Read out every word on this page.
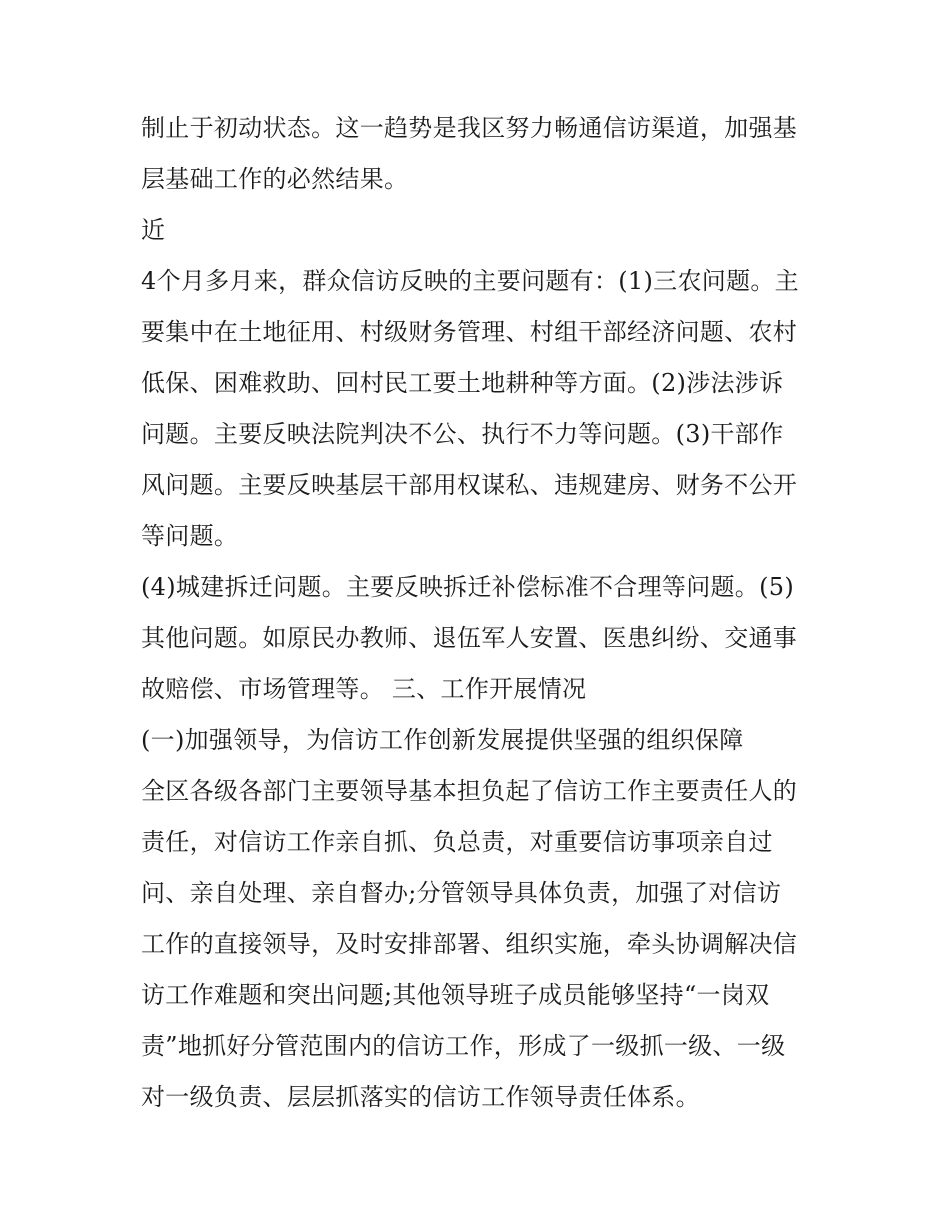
制止于初动状态。这一趋势是我区努力畅通信访渠道，加强基
层基础工作的必然结果。
近
4个月多月来，群众信访反映的主要问题有：(1)三农问题。主
要集中在土地征用、村级财务管理、村组干部经济问题、农村
低保、困难救助、回村民工要土地耕种等方面。(2)涉法涉诉
问题。主要反映法院判决不公、执行不力等问题。(3)干部作
风问题。主要反映基层干部用权谋私、违规建房、财务不公开
等问题。
(4)城建拆迁问题。主要反映拆迁补偿标准不合理等问题。(5)
其他问题。如原民办教师、退伍军人安置、医患纠纷、交通事
故赔偿、市场管理等。 三、工作开展情况
(一)加强领导，为信访工作创新发展提供坚强的组织保障
全区各级各部门主要领导基本担负起了信访工作主要责任人的
责任，对信访工作亲自抓、负总责，对重要信访事项亲自过
问、亲自处理、亲自督办;分管领导具体负责，加强了对信访
工作的直接领导，及时安排部署、组织实施，牵头协调解决信
访工作难题和突出问题;其他领导班子成员能够坚持“一岗双
责”地抓好分管范围内的信访工作，形成了一级抓一级、一级
对一级负责、层层抓落实的信访工作领导责任体系。
